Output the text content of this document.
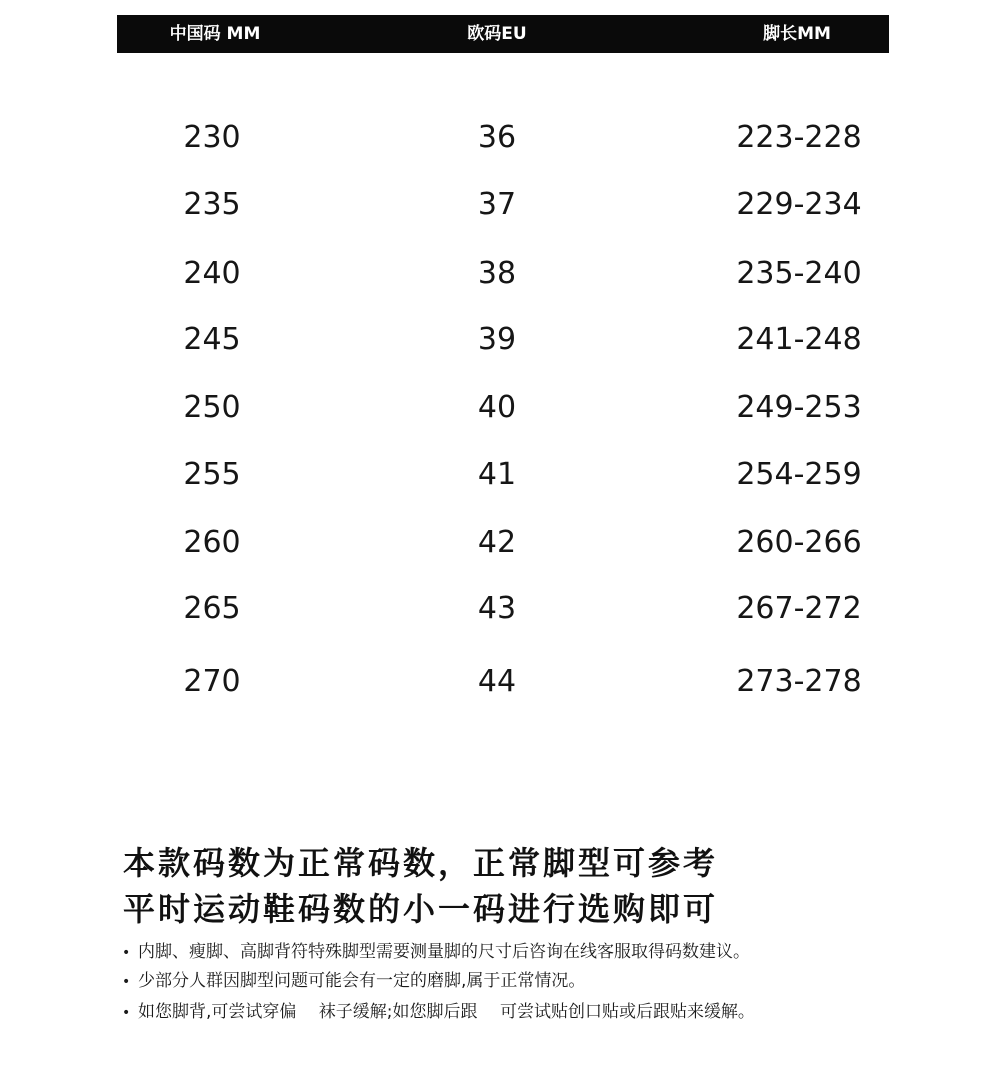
中国码 MM	欧码EU	脚长MM
230	36	223-228
235	37	229-234
240	38	235-240
245	39	241-248
250	40	249-253
255	41	254-259
260	42	260-266
265	43	267-272
270	44	273-278
本款码数为正常码数，正常脚型可参考
平时运动鞋码数的小一码进行选购即可
• 内脚、瘦脚、高脚背符特殊脚型需要测量脚的尺寸后咨询在线客服取得码数建议。
• 少部分人群因脚型问题可能会有一定的磨脚,属于正常情况。
• 如您脚背,可尝试穿偏　 袜子缓解;如您脚后跟　 可尝试贴创口贴或后跟贴来缓解。
